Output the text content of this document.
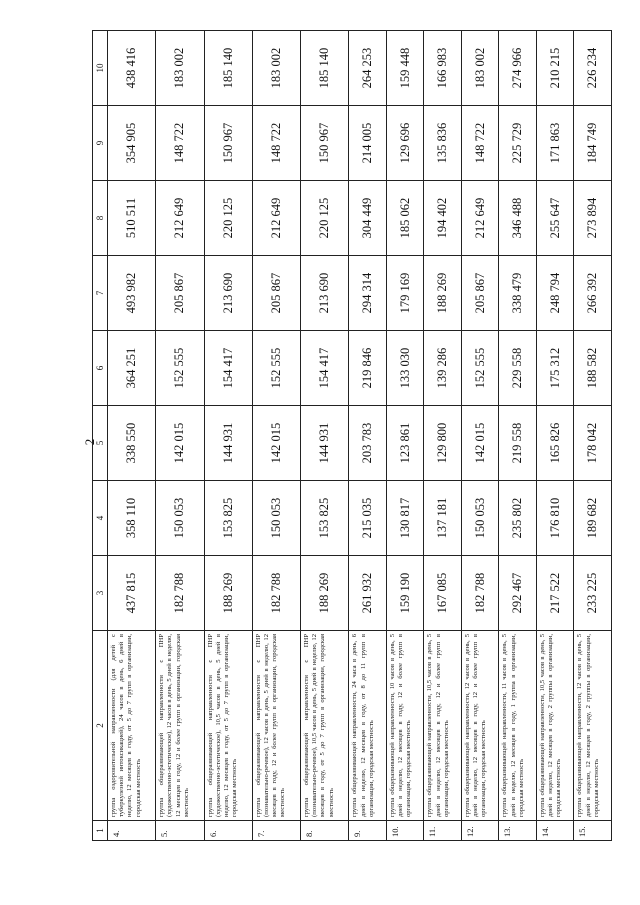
2
1	2	3	4	5	6	7	8	9	10
4.	группа оздоровительной направленности (для детей с туберкулезной интоксикацией), 24 часов в день, 6 дней в неделю, 12 месяцев в году, от 5 до 7 групп в организации, городская местность	437 815	358 110	338 550	364 251	493 982	510 511	354 905	438 416
5.	группа общеразвивающей направленности с ПНР (художественно-эстетическое), 12 часов в день, 5 дней в неделю, 12 месяцев в году, 12 и более групп в организации, городская местность	182 788	150 053	142 015	152 555	205 867	212 649	148 722	183 002
6.	группа общеразвивающей направленности с ПНР (художественно-эстетическое), 10,5 часов в день, 5 дней в неделю, 12 месяцев в году, от 5 до 7 групп в организации, городская местность	188 269	153 825	144 931	154 417	213 690	220 125	150 967	185 140
7.	группа общеразвивающей направленности с ПНР (познавательно-речевое), 12 часов в день, 5 дней в неделю, 12 месяцев в году, 12 и более групп в организации, городская местность	182 788	150 053	142 015	152 555	205 867	212 649	148 722	183 002
8.	группа общеразвивающей направленности с ПНР (познавательно-речевое), 10,5 часов в день, 5 дней в неделю, 12 месяцев в году, от 5 до 7 групп в организации, городская местность	188 269	153 825	144 931	154 417	213 690	220 125	150 967	185 140
9.	группа общеразвивающей направленности, 24 часа в день, 6 дней в неделю, 12 месяцев в году, от 8 до 11 групп в организации, городская местность	261 932	215 035	203 783	219 846	294 314	304 449	214 005	264 253
10.	группа общеразвивающей направленности, 10 часов в день, 5 дней в неделю, 12 месяцев в году, 12 и более групп в организации, городская местность	159 190	130 817	123 861	133 030	179 169	185 062	129 696	159 448
11.	группа общеразвивающей направленности, 10,5 часов в день, 5 дней в неделю, 12 месяцев в году, 12 и более групп в организации, городская местность	167 085	137 181	129 800	139 286	188 269	194 402	135 836	166 983
12.	группа общеразвивающей направленности, 12 часов в день, 5 дней в неделю, 12 месяцев в году, 12 и более групп в организации, городская местность	182 788	150 053	142 015	152 555	205 867	212 649	148 722	183 002
13.	группа общеразвивающей направленности, 11 часов в день, 5 дней в неделю, 12 месяцев в году, 1 группа в организации, городская местность	292 467	235 802	219 558	229 558	338 479	346 488	225 729	274 966
14.	группа общеразвивающей направленности, 10,5 часов в день, 5 дней в неделю, 12 месяцев в году, 2 группы в организации, городская местность	217 522	176 810	165 826	175 312	248 794	255 647	171 863	210 215
15.	группа общеразвивающей направленности, 12 часов в день, 5 дней в неделю, 12 месяцев в году, 2 группы в организации, городская местность	233 225	189 682	178 042	188 582	266 392	273 894	184 749	226 234
